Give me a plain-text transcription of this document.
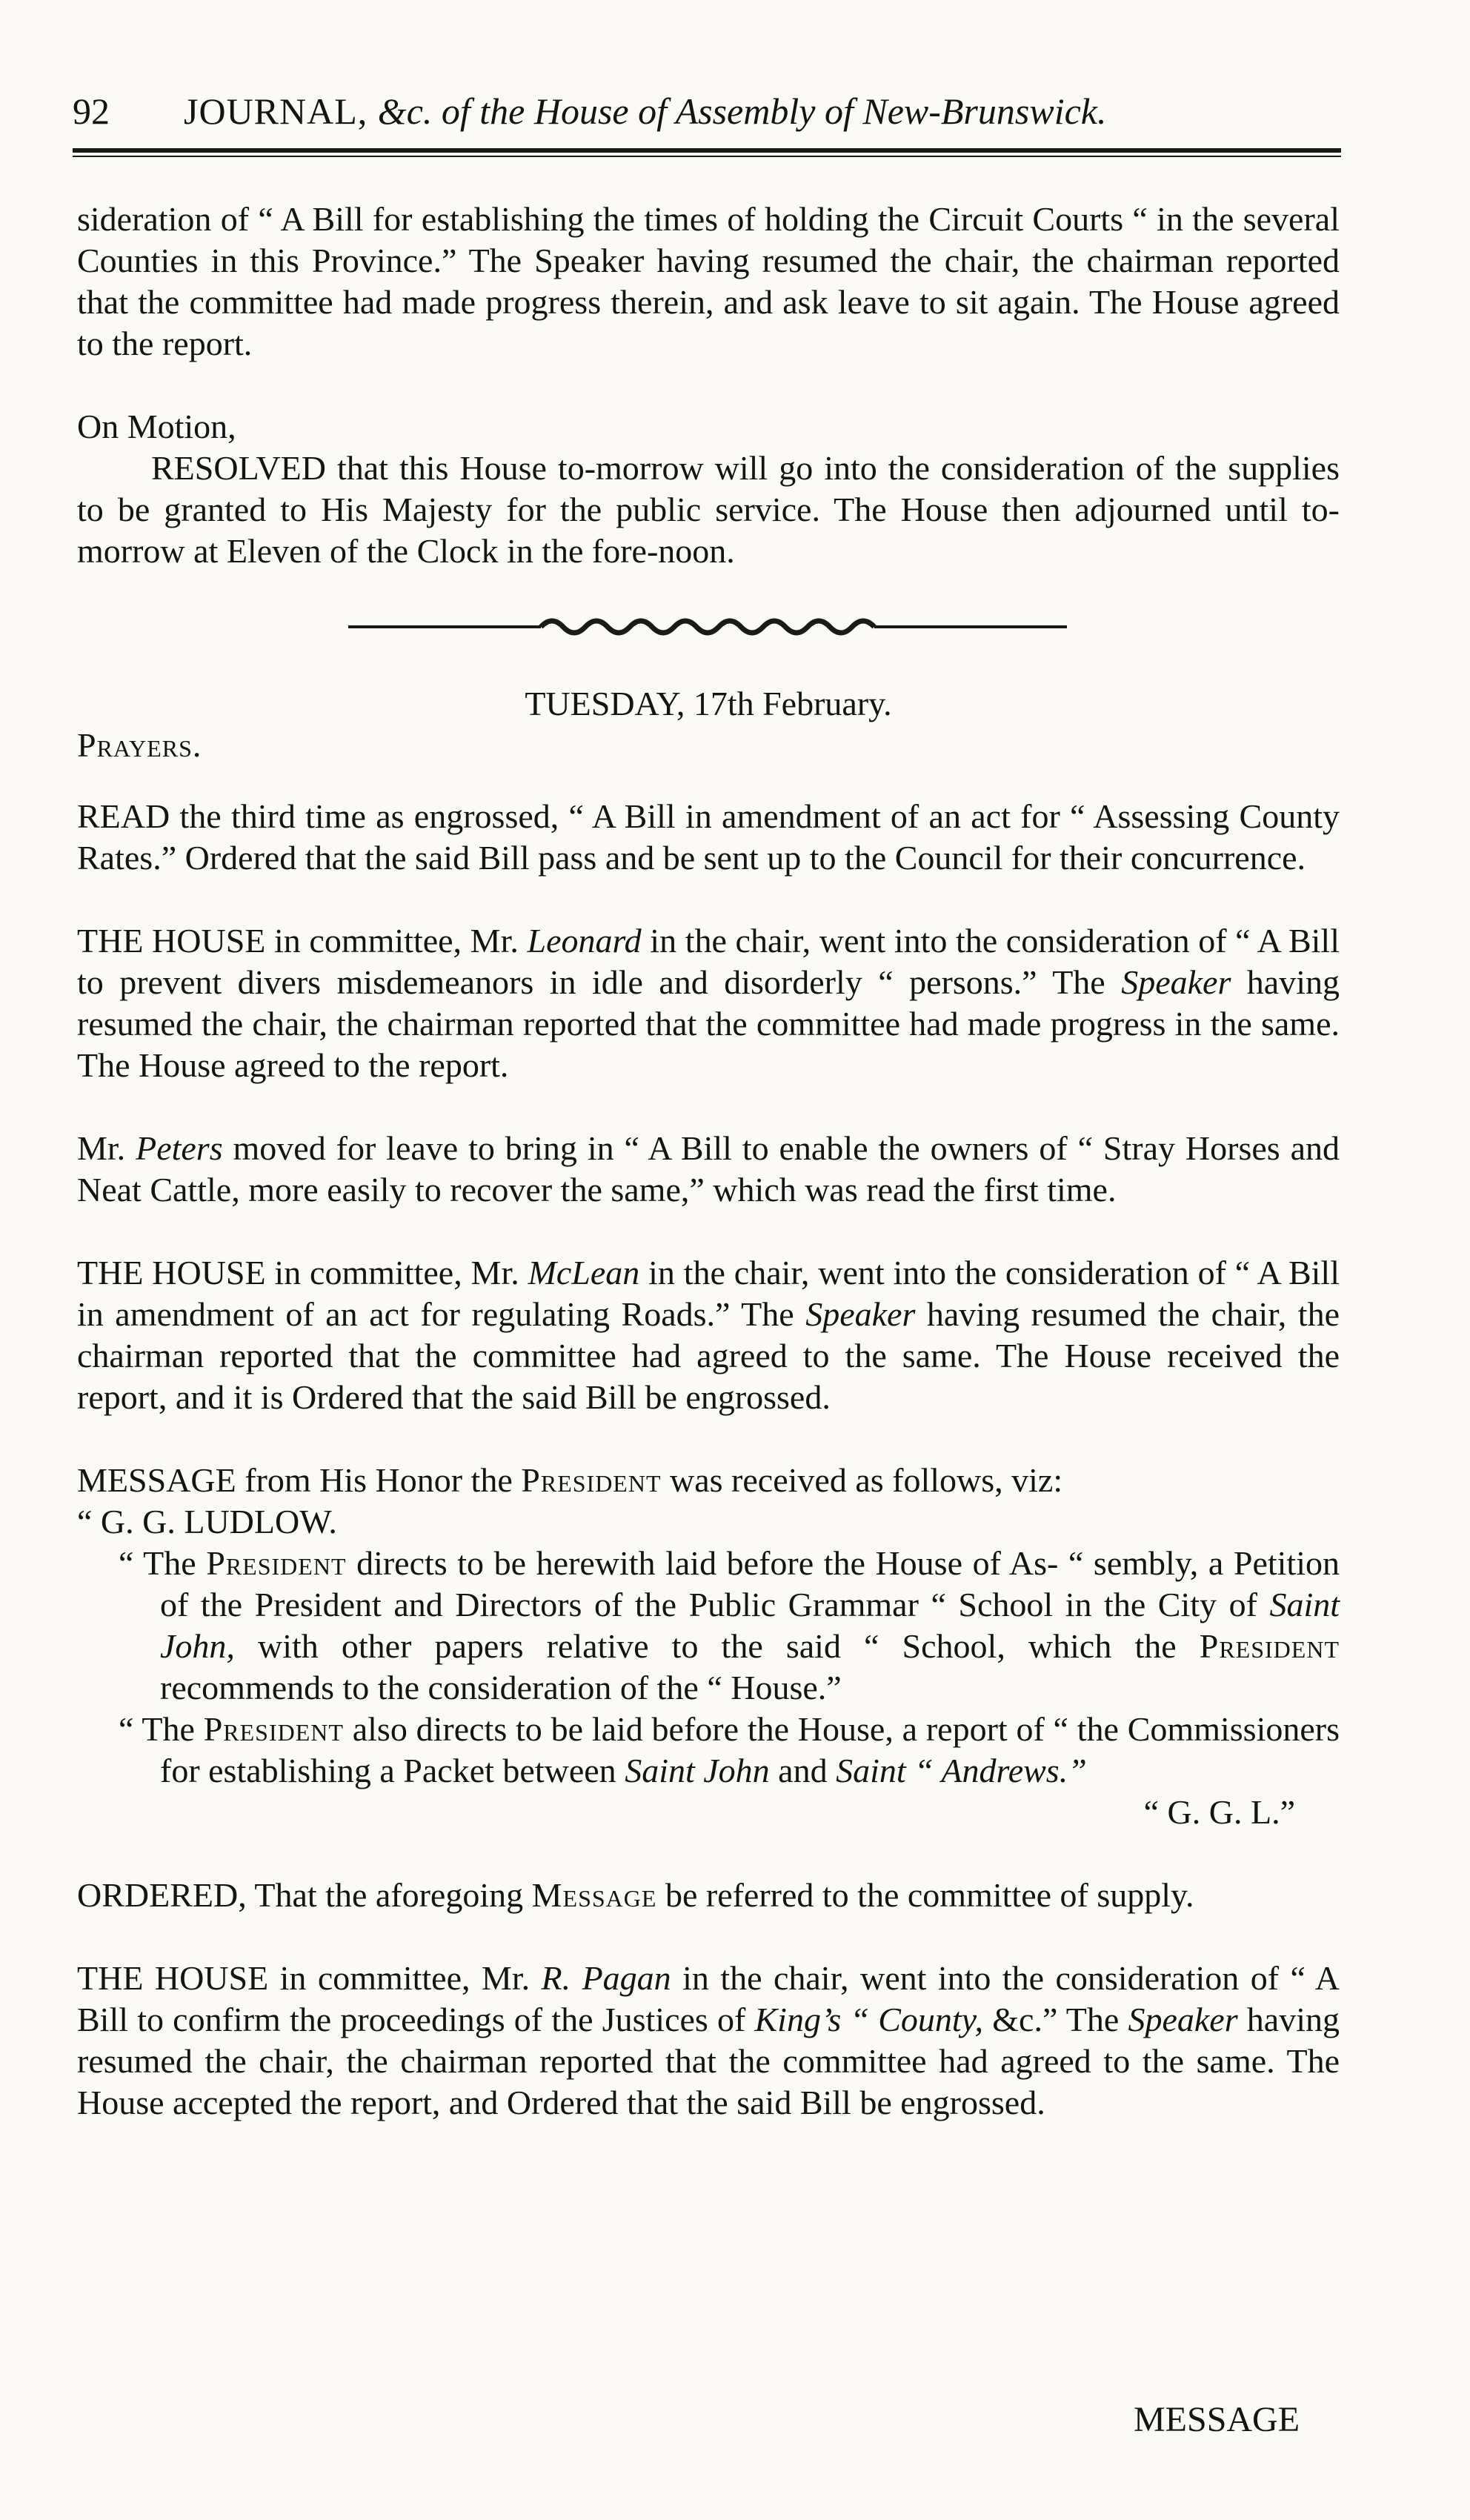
92 JOURNAL, &c. of the House of Assembly of New-Brunswick.

sideration of “ A Bill for establishing the times of holding the Circuit Courts “ in the several Counties in this Province.” The Speaker having resumed the chair, the chairman reported that the committee had made progress therein, and ask leave to sit again. The House agreed to the report.

On Motion,

RESOLVED that this House to-morrow will go into the consideration of the supplies to be granted to His Majesty for the public service. The House then adjourned until to-morrow at Eleven of the Clock in the fore-noon.

TUESDAY, 17th February.

Prayers.

READ the third time as engrossed, “ A Bill in amendment of an act for “ Assessing County Rates.” Ordered that the said Bill pass and be sent up to the Council for their concurrence.

THE HOUSE in committee, Mr. Leonard in the chair, went into the consideration of “ A Bill to prevent divers misdemeanors in idle and disorderly “ persons.” The Speaker having resumed the chair, the chairman reported that the committee had made progress in the same. The House agreed to the report.

Mr. Peters moved for leave to bring in “ A Bill to enable the owners of “ Stray Horses and Neat Cattle, more easily to recover the same,” which was read the first time.

THE HOUSE in committee, Mr. McLean in the chair, went into the consideration of “ A Bill in amendment of an act for regulating Roads.” The Speaker having resumed the chair, the chairman reported that the committee had agreed to the same. The House received the report, and it is Ordered that the said Bill be engrossed.

MESSAGE from His Honor the President was received as follows, viz:

“ G. G. LUDLOW.

“ The President directs to be herewith laid before the House of As- “ sembly, a Petition of the President and Directors of the Public Grammar “ School in the City of Saint John, with other papers relative to the said “ School, which the President recommends to the consideration of the “ House.”
“ The President also directs to be laid before the House, a report of “ the Commissioners for establishing a Packet between Saint John and Saint “ Andrews.”
“ G. G. L.”

ORDERED, That the aforegoing Message be referred to the committee of supply.

THE HOUSE in committee, Mr. R. Pagan in the chair, went into the consideration of “ A Bill to confirm the proceedings of the Justices of King’s “ County, &c.” The Speaker having resumed the chair, the chairman reported that the committee had agreed to the same. The House accepted the report, and Ordered that the said Bill be engrossed.

MESSAGE
